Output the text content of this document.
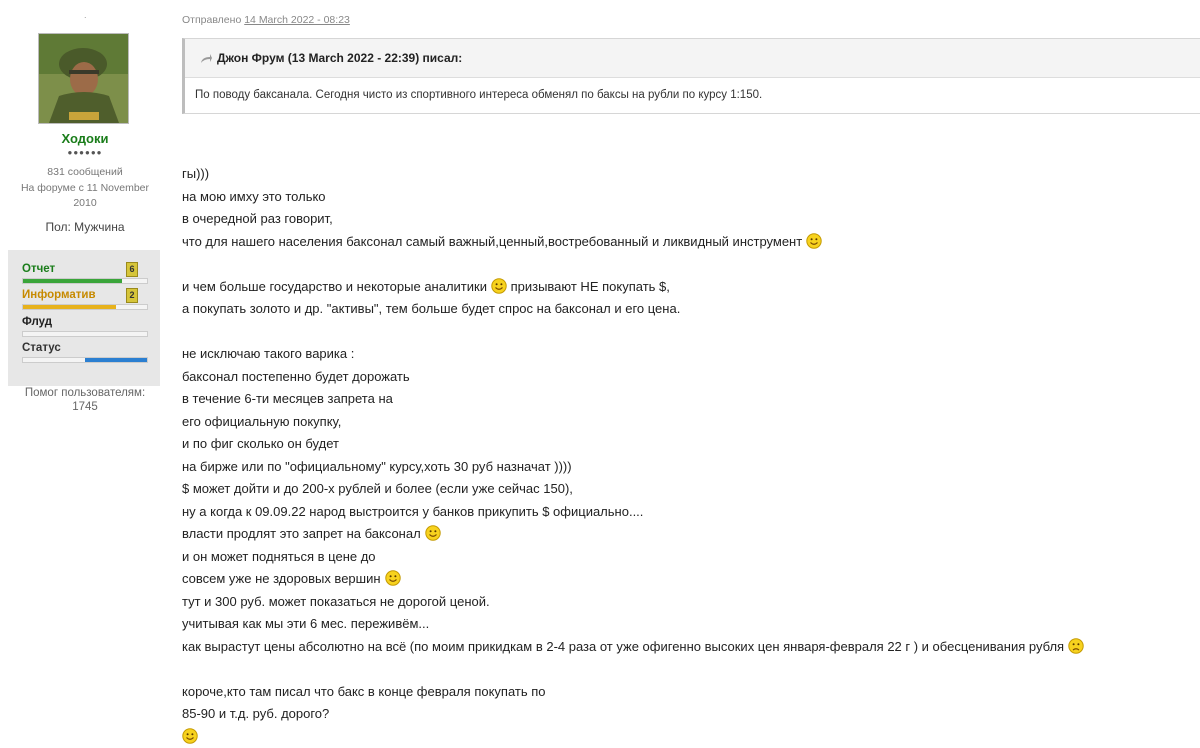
.
Ходоки
●●●●●●
831 сообщений
На форуме с 11 November
2010
Пол: Мужчина
Отчет	6
Информатив	2
Флуд
Статус
Помог пользователям:
1745
Отправлено 14 March 2022 - 08:23
Джон Фрум (13 March 2022 - 22:39) писал:
По поводу баксанала. Сегодня чисто из спортивного интереса обменял по баксы на рубли по курсу 1:150.
гы)))
на мою имху это только
в очередной раз говорит,
что для нашего населения баксонал самый важный,ценный,востребованный и ликвидный инструмент
и чем больше государство и некоторые аналитики
призывают НЕ покупать $,
а покупать золото и др. "активы", тем больше будет спрос на баксонал и его цена.
не исключаю такого варика :
баксонал постепенно будет дорожать
в течение 6-ти месяцев запрета на
его официальную покупку,
и по фиг сколько он будет
на бирже или по "официальному" курсу,хоть 30 руб назначат ))))
$ может дойти и до 200-х рублей и более (если уже сейчас 150),
ну а когда к 09.09.22 народ выстроится у банков прикупить $ официально....
власти продлят это запрет на баксонал
и он может подняться в цене до
совсем уже не здоровых вершин
тут и 300 руб. может показаться не дорогой ценой.
учитывая как мы эти 6 мес. переживём...
как вырастут цены абсолютно на всё (по моим прикидкам в 2-4 раза от уже офигенно высоких цен января-февраля 22 г ) и обесценивания рубля
короче,кто там писал что бакс в конце февраля покупать по
85-90 и т.д. руб. дорого?
